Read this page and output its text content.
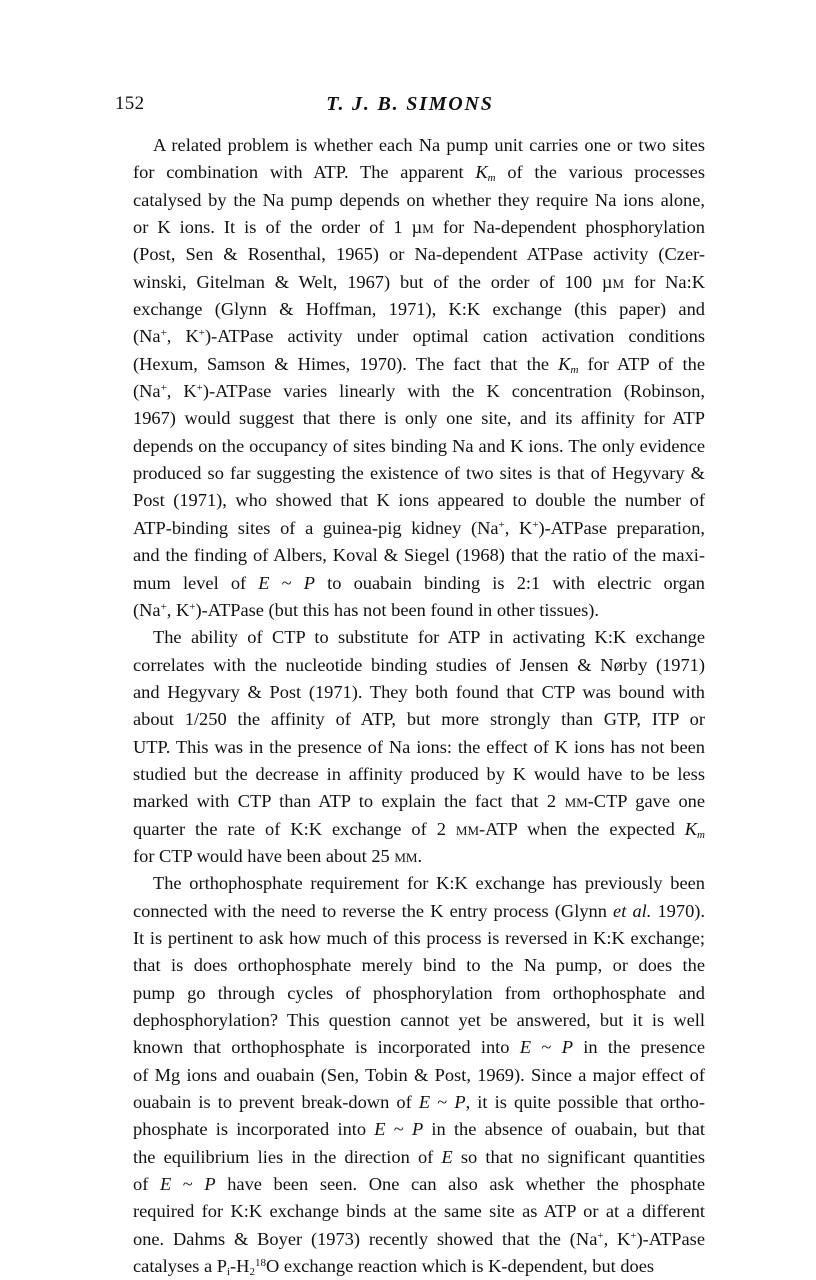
152	T. J. B. SIMONS

A related problem is whether each Na pump unit carries one or two sites
for combination with ATP. The apparent $K_m$ of the various processes
catalysed by the Na pump depends on whether they require Na ions alone,
or K ions. It is of the order of 1 µm for Na-dependent phosphorylation
(Post, Sen & Rosenthal, 1965) or Na-dependent ATPase activity (Czer-
winski, Gitelman & Welt, 1967) but of the order of 100 µm for Na:K
exchange (Glynn & Hoffman, 1971), K:K exchange (this paper) and
(Na+, K+)-ATPase activity under optimal cation activation conditions
(Hexum, Samson & Himes, 1970). The fact that the $K_m$ for ATP of the
(Na+, K+)-ATPase varies linearly with the K concentration (Robinson,
1967) would suggest that there is only one site, and its affinity for ATP
depends on the occupancy of sites binding Na and K ions. The only evidence
produced so far suggesting the existence of two sites is that of Hegyvary &
Post (1971), who showed that K ions appeared to double the number of
ATP-binding sites of a guinea-pig kidney (Na+, K+)-ATPase preparation,
and the finding of Albers, Koval & Siegel (1968) that the ratio of the maxi-
mum level of E ~ P to ouabain binding is 2:1 with electric organ
(Na+, K+)-ATPase (but this has not been found in other tissues).

The ability of CTP to substitute for ATP in activating K:K exchange
correlates with the nucleotide binding studies of Jensen & Nørby (1971)
and Hegyvary & Post (1971). They both found that CTP was bound with
about 1/250 the affinity of ATP, but more strongly than GTP, ITP or
UTP. This was in the presence of Na ions: the effect of K ions has not been
studied but the decrease in affinity produced by K would have to be less
marked with CTP than ATP to explain the fact that 2 mm-CTP gave one
quarter the rate of K:K exchange of 2 mm-ATP when the expected $K_m$
for CTP would have been about 25 mm.

The orthophosphate requirement for K:K exchange has previously been
connected with the need to reverse the K entry process (Glynn et al. 1970).
It is pertinent to ask how much of this process is reversed in K:K exchange;
that is does orthophosphate merely bind to the Na pump, or does the
pump go through cycles of phosphorylation from orthophosphate and
dephosphorylation? This question cannot yet be answered, but it is well
known that orthophosphate is incorporated into E ~ P in the presence
of Mg ions and ouabain (Sen, Tobin & Post, 1969). Since a major effect of
ouabain is to prevent break-down of E ~ P, it is quite possible that ortho-
phosphate is incorporated into E ~ P in the absence of ouabain, but that
the equilibrium lies in the direction of E so that no significant quantities
of E ~ P have been seen. One can also ask whether the phosphate
required for K:K exchange binds at the same site as ATP or at a different
one. Dahms & Boyer (1973) recently showed that the (Na+, K+)-ATPase
catalyses a $P_i-H_2^{18}O$ exchange reaction which is K-dependent, but does
